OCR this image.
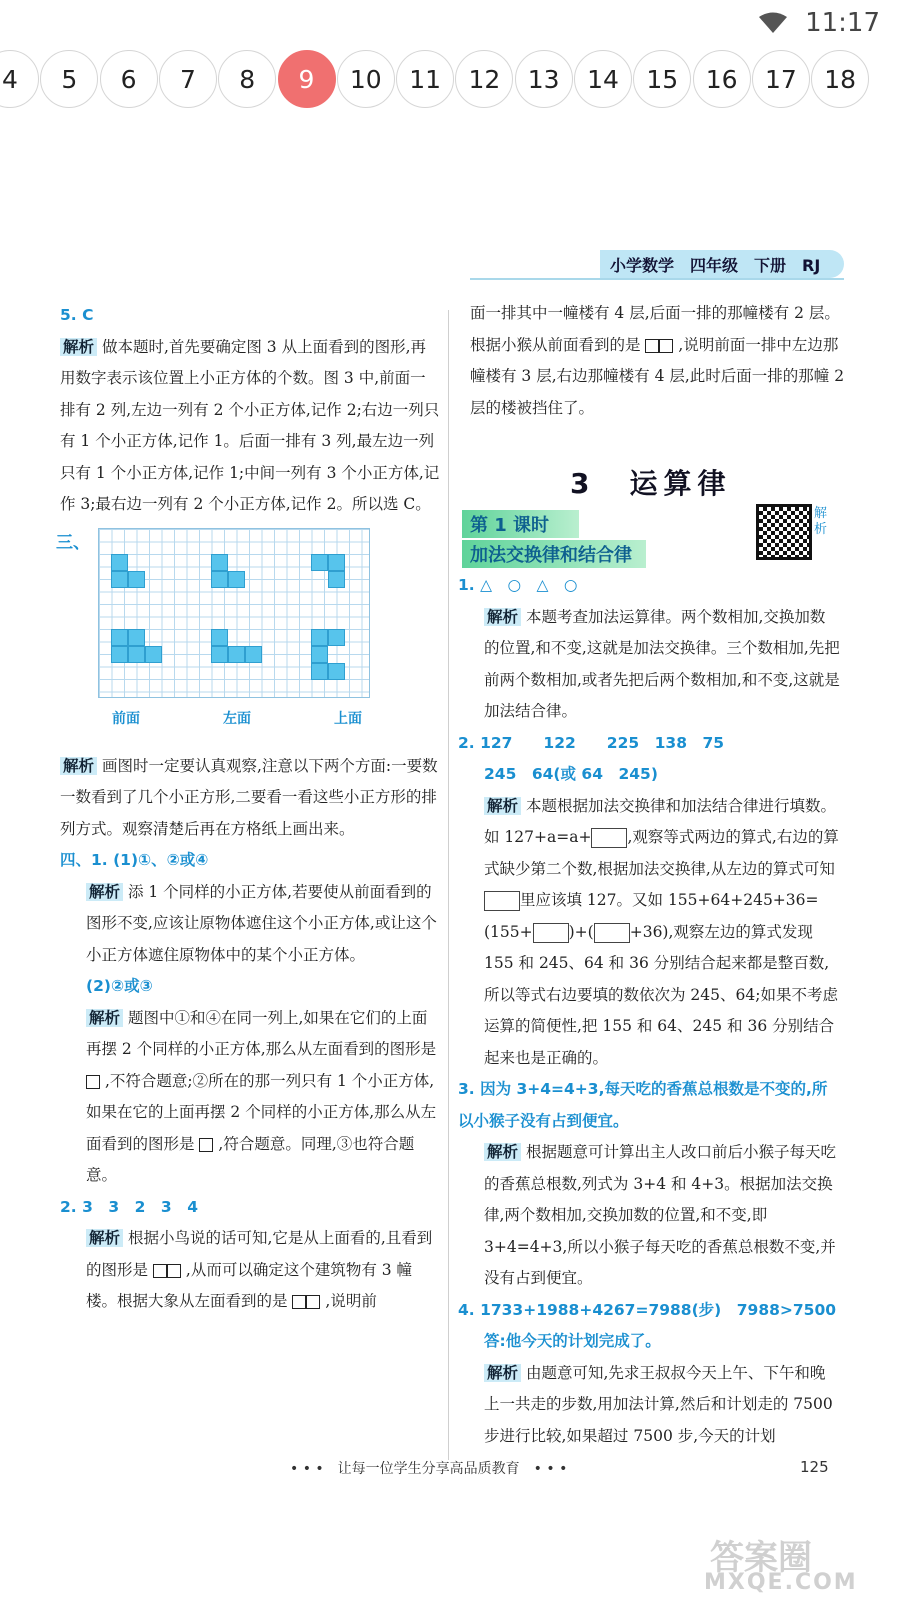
11:17
4	5	6	7	8	9	10	11	12	13	14	15	16	17	18
小学数学　四年级　下册　RJ
5. C
解析 做本题时,首先要确定图 3 从上面看到的图形,再用数字表示该位置上小正方体的个数。图 3 中,前面一排有 2 列,左边一列有 2 个小正方体,记作 2;右边一列只有 1 个小正方体,记作 1。后面一排有 3 列,最左边一列只有 1 个小正方体,记作 1;中间一列有 3 个小正方体,记作 3;最右边一列有 2 个小正方体,记作 2。所以选 C。
解析 画图时一定要认真观察,注意以下两个方面:一要数一数看到了几个小正方形,二要看一看这些小正方形的排列方式。观察清楚后再在方格纸上画出来。
四、1. (1)①、②或④
解析 添 1 个同样的小正方体,若要使从前面看到的图形不变,应该让原物体遮住这个小正方体,或让这个小正方体遮住原物体中的某个小正方体。
(2)②或③
解析 题图中①和④在同一列上,如果在它们的上面再摆 2 个同样的小正方体,那么从左面看到的图形是  ,不符合题意;②所在的那一列只有 1 个小正方体,如果在它的上面再摆 2 个同样的小正方体,那么从左面看到的图形是 ,符合题意。同理,③也符合题意。
2. 3　3　2　3　4
解析 根据小鸟说的话可知,它是从上面看的,且看到的图形是 ,从而可以确定这个建筑物有 3 幢楼。根据大象从左面看到的是 ,说明前
三、
前面	左面	上面
面一排其中一幢楼有 4 层,后面一排的那幢楼有 2 层。根据小猴从前面看到的是 ,说明前面一排中左边那幢楼有 3 层,右边那幢楼有 4 层,此时后面一排的那幢 2 层的楼被挡住了。
3　运算律
第 1 课时
加法交换律和结合律
解析
1. △　○　△　○
解析 本题考查加法运算律。两个数相加,交换加数的位置,和不变,这就是加法交换律。三个数相加,先把前两个数相加,或者先把后两个数相加,和不变,这就是加法结合律。
2. 127　　122　　225　138　75
245　64(或 64　245)
解析 本题根据加法交换律和加法结合律进行填数。如 127+a=a+ ,观察等式两边的算式,右边的算式缺少第二个数,根据加法交换律,从左边的算式可知里应该填 127。又如 155+64+245+36=(155+ )+( +36),观察左边的算式发现 155 和 245、64 和 36 分别结合起来都是整百数,所以等式右边要填的数依次为 245、64;如果不考虑运算的简便性,把 155 和 64、245 和 36 分别结合起来也是正确的。
3. 因为 3+4=4+3,每天吃的香蕉总根数是不变的,所以小猴子没有占到便宜。
解析 根据题意可计算出主人改口前后小猴子每天吃的香蕉总根数,列式为 3+4 和 4+3。根据加法交换律,两个数相加,交换加数的位置,和不变,即 3+4=4+3,所以小猴子每天吃的香蕉总根数不变,并没有占到便宜。
4. 1733+1988+4267=7988(步)　7988>7500
答:他今天的计划完成了。
解析 由题意可知,先求王叔叔今天上午、下午和晚上一共走的步数,用加法计算,然后和计划走的 7500 步进行比较,如果超过 7500 步,今天的计划
• • •　让每一位学生分享高品质教育　• • •	125
答案圈
MXQE.COM
